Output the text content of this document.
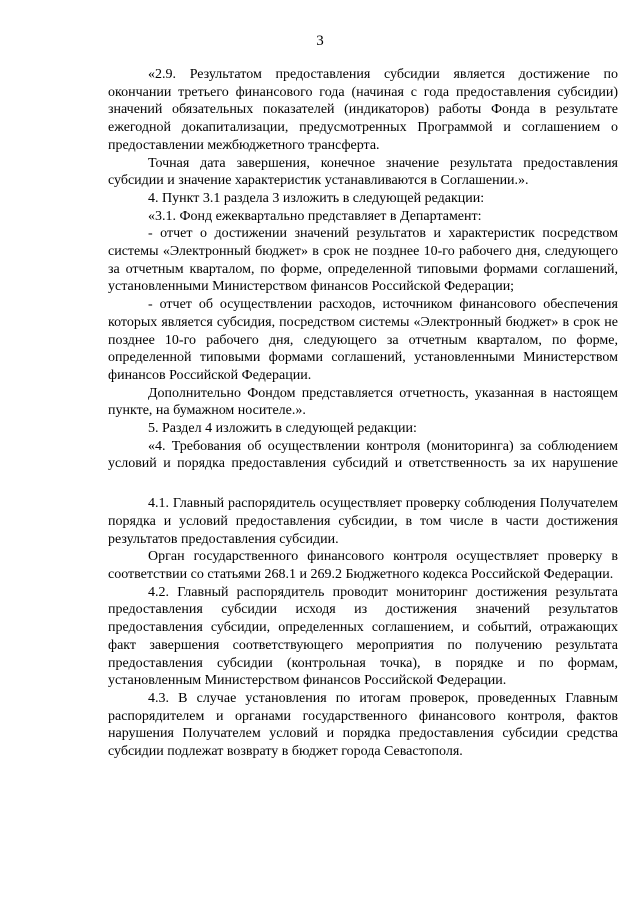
3

«2.9. Результатом предоставления субсидии является достижение по окончании третьего финансового года (начиная с года предоставления субсидии) значений обязательных показателей (индикаторов) работы Фонда в результате ежегодной докапитализации, предусмотренных Программой и соглашением о предоставлении межбюджетного трансферта.

Точная дата завершения, конечное значение результата предоставления субсидии и значение характеристик устанавливаются в Соглашении.».

4. Пункт 3.1 раздела 3 изложить в следующей редакции:

«3.1. Фонд ежеквартально представляет в Департамент:

- отчет о достижении значений результатов и характеристик посредством системы «Электронный бюджет» в срок не позднее 10-го рабочего дня, следующего за отчетным кварталом, по форме, определенной типовыми формами соглашений, установленными Министерством финансов Российской Федерации;

- отчет об осуществлении расходов, источником финансового обеспечения которых является субсидия, посредством системы «Электронный бюджет» в срок не позднее 10-го рабочего дня, следующего за отчетным кварталом, по форме, определенной типовыми формами соглашений, установленными Министерством финансов Российской Федерации.

Дополнительно Фондом представляется отчетность, указанная в настоящем пункте, на бумажном носителе.».

5. Раздел 4 изложить в следующей редакции:

«4. Требования об осуществлении контроля (мониторинга) за соблюдением условий и порядка предоставления субсидий и ответственность за их нарушение

4.1. Главный распорядитель осуществляет проверку соблюдения Получателем порядка и условий предоставления субсидии, в том числе в части достижения результатов предоставления субсидии.

Орган государственного финансового контроля осуществляет проверку в соответствии со статьями 268.1 и 269.2 Бюджетного кодекса Российской Федерации.

4.2. Главный распорядитель проводит мониторинг достижения результата предоставления субсидии исходя из достижения значений результатов предоставления субсидии, определенных соглашением, и событий, отражающих факт завершения соответствующего мероприятия по получению результата предоставления субсидии (контрольная точка), в порядке и по формам, установленным Министерством финансов Российской Федерации.

4.3. В случае установления по итогам проверок, проведенных Главным распорядителем и органами государственного финансового контроля, фактов нарушения Получателем условий и порядка предоставления субсидии средства субсидии подлежат возврату в бюджет города Севастополя.
